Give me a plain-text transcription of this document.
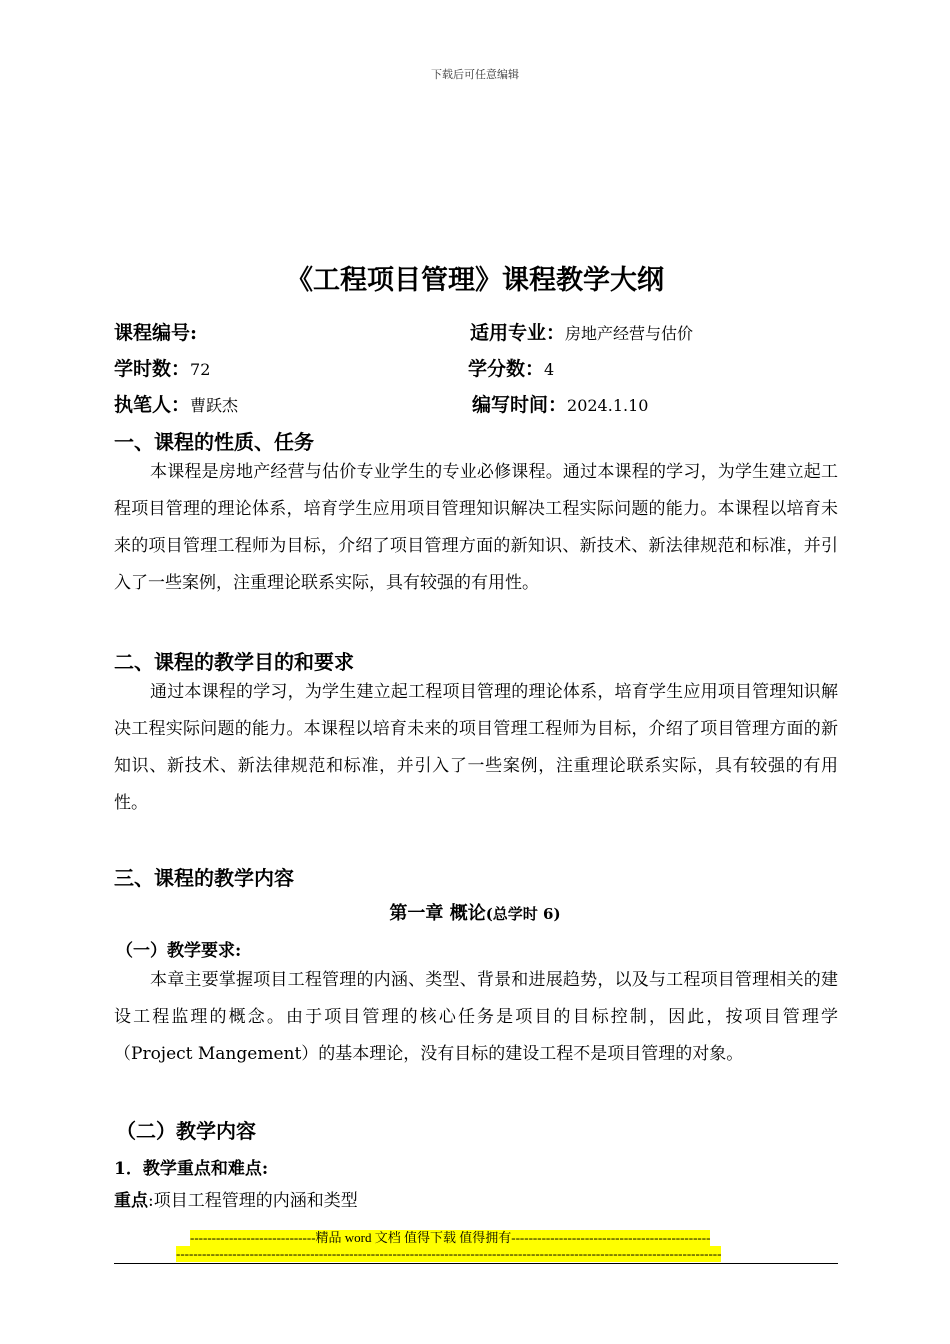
下载后可任意编辑
《工程项目管理》课程教学大纲
课程编号:	适用专业：房地产经营与估价
学时数：72	学分数：4
执笔人：曹跃杰	编写时间：2024.1.10
一、课程的性质、任务
本课程是房地产经营与估价专业学生的专业必修课程。通过本课程的学习，为学生建立起工程项目管理的理论体系，培育学生应用项目管理知识解决工程实际问题的能力。本课程以培育未来的项目管理工程师为目标，介绍了项目管理方面的新知识、新技术、新法律规范和标准，并引入了一些案例，注重理论联系实际，具有较强的有用性。
二、课程的教学目的和要求
通过本课程的学习，为学生建立起工程项目管理的理论体系，培育学生应用项目管理知识解决工程实际问题的能力。本课程以培育未来的项目管理工程师为目标，介绍了项目管理方面的新知识、新技术、新法律规范和标准，并引入了一些案例，注重理论联系实际，具有较强的有用性。
三、课程的教学内容
第一章 概论(总学时 6)
（一）教学要求:
本章主要掌握项目工程管理的内涵、类型、背景和进展趋势，以及与工程项目管理相关的建设工程监理的概念。由于项目管理的核心任务是项目的目标控制，因此，按项目管理学（Project Mangement）的基本理论，没有目标的建设工程不是项目管理的对象。
（二）教学内容
1．教学重点和难点:
重点:项目工程管理的内涵和类型
-----------------------------精品 word 文档 值得下载 值得拥有----------------------------------------------
------------------------------------------------------------------------------------------------------------------------------
